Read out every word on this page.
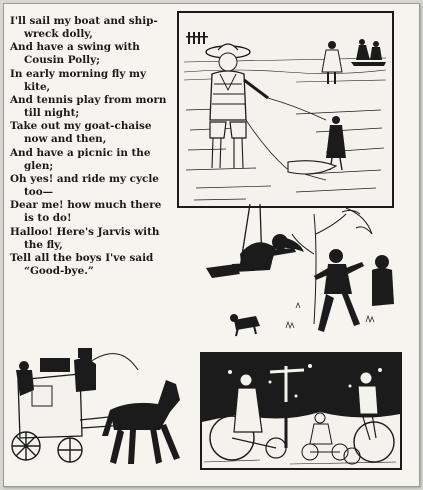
I'll sail my boat and ship-
wreck dolly,
And have a swing with
Cousin Polly;
In early morning fly my
kite,
And tennis play from morn
till night;
Take out my goat-chaise
now and then,
And have a picnic in the
glen;
Oh yes! and ride my cycle
too—
Dear me! how much there
is to do!
Halloo! Here's Jarvis with
the fly,
Tell all the boys I've said
“Good-bye.”
